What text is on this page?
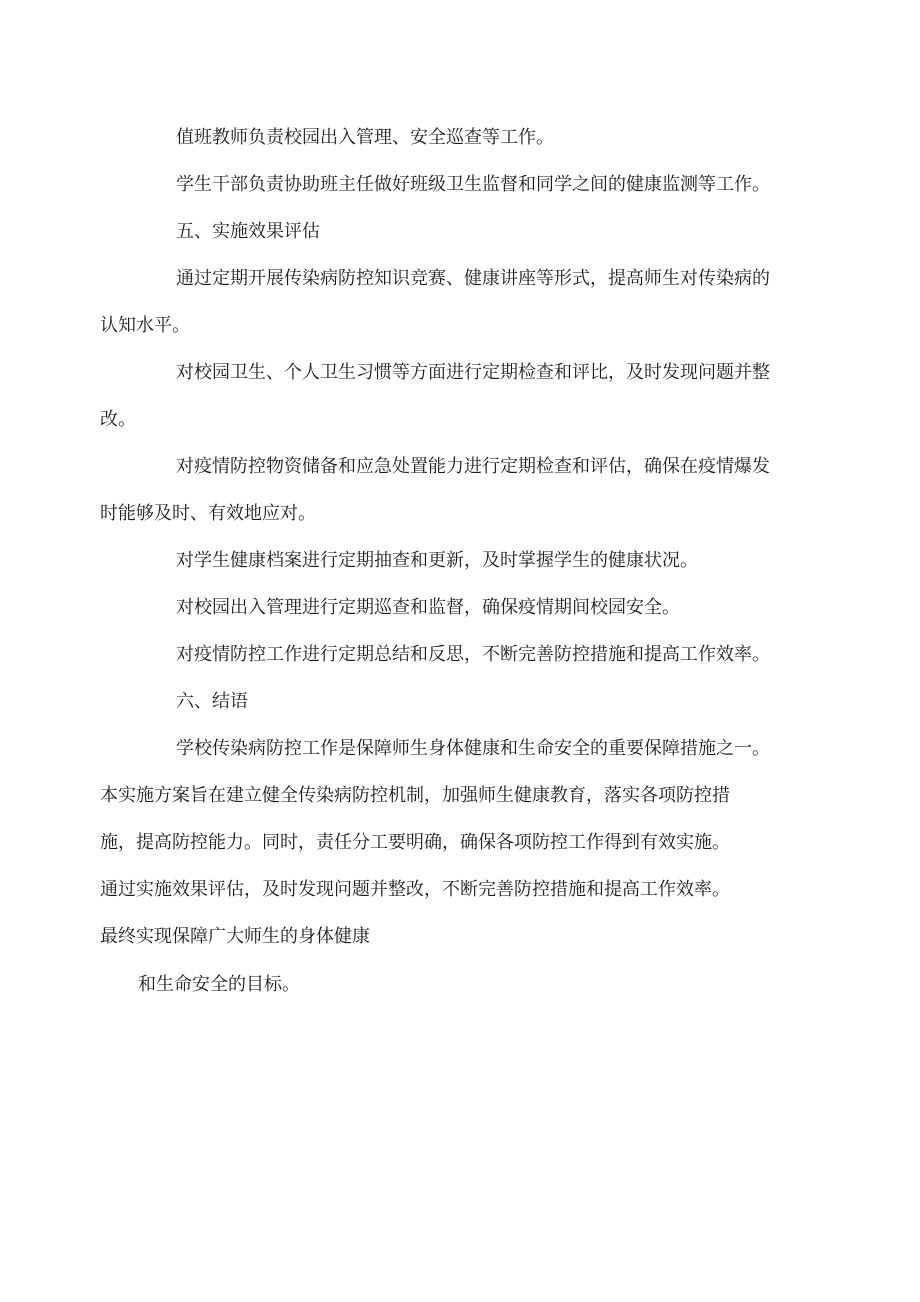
值班教师负责校园出入管理、安全巡查等工作。

学生干部负责协助班主任做好班级卫生监督和同学之间的健康监测等工作。

五、实施效果评估

通过定期开展传染病防控知识竞赛、健康讲座等形式，提高师生对传染病的
认知水平。

对校园卫生、个人卫生习惯等方面进行定期检查和评比，及时发现问题并整
改。

对疫情防控物资储备和应急处置能力进行定期检查和评估，确保在疫情爆发
时能够及时、有效地应对。

对学生健康档案进行定期抽查和更新，及时掌握学生的健康状况。

对校园出入管理进行定期巡查和监督，确保疫情期间校园安全。

对疫情防控工作进行定期总结和反思，不断完善防控措施和提高工作效率。

六、结语

学校传染病防控工作是保障师生身体健康和生命安全的重要保障措施之一。
本实施方案旨在建立健全传染病防控机制，加强师生健康教育，落实各项防控措
施，提高防控能力。同时，责任分工要明确，确保各项防控工作得到有效实施。
通过实施效果评估，及时发现问题并整改，不断完善防控措施和提高工作效率。
最终实现保障广大师生的身体健康

和生命安全的目标。
